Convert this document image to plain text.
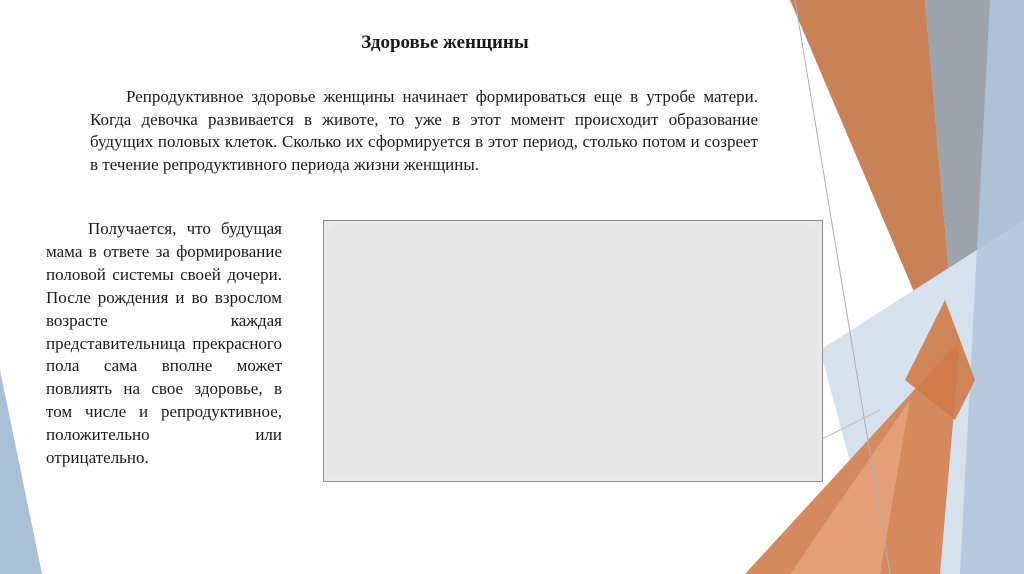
Здоровье женщины

Репродуктивное здоровье женщины начинает формироваться еще в утробе матери. Когда девочка развивается в животе, то уже в этот момент происходит образование будущих половых клеток. Сколько их сформируется в этот период, столько потом и созреет в течение репродуктивного периода жизни женщины.

Получается, что будущая мама в ответе за формирование половой системы своей дочери. После рождения и во взрослом возрасте каждая представительница прекрасного пола сама вполне может повлиять на свое здоровье, в том числе и репродуктивное, положительно или отрицательно.
